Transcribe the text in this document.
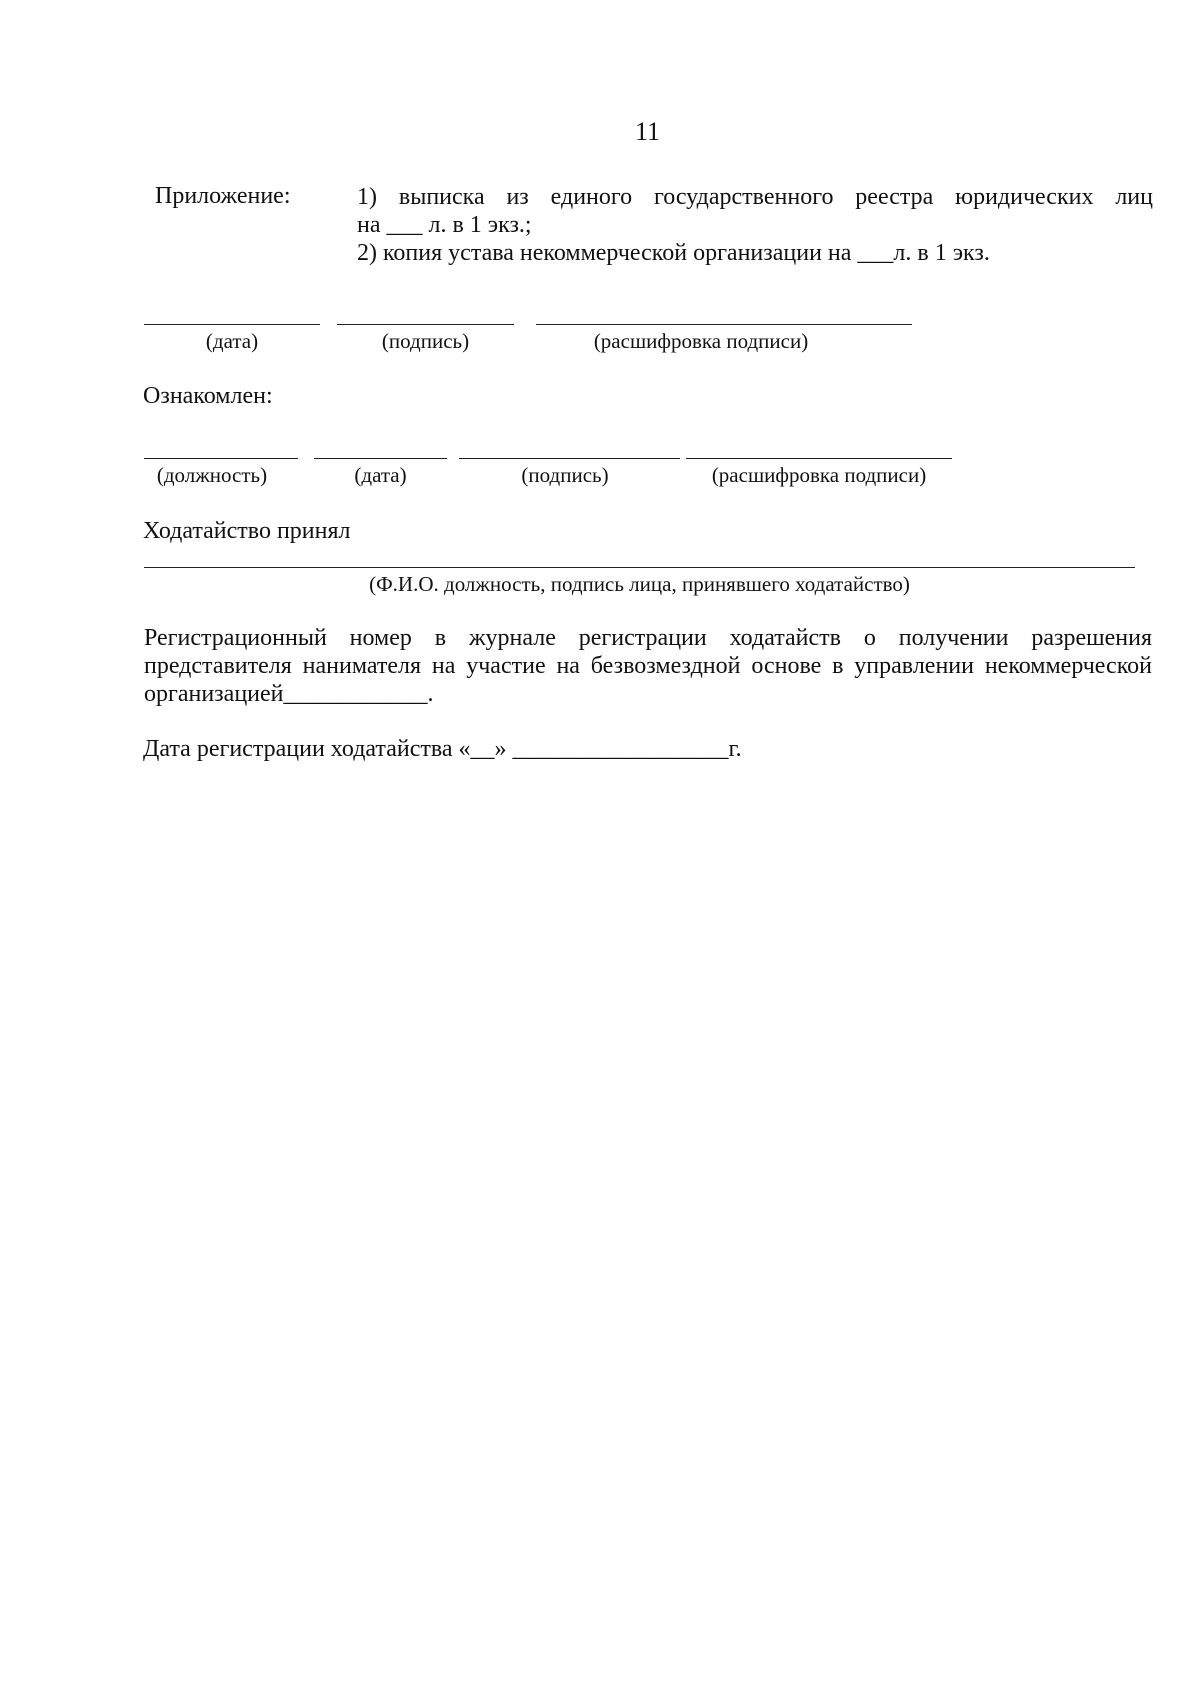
11
Приложение:	1) выписка из единого государственного реестра юридических лиц
на ___ л. в 1 экз.;
2) копия устава некоммерческой организации на ___л. в 1 экз.
(дата)	(подпись)	(расшифровка подписи)
Ознакомлен:
(должность)	(дата)	(подпись)	(расшифровка подписи)
Ходатайство принял
(Ф.И.О. должность, подпись лица, принявшего ходатайство)
Регистрационный номер в журнале регистрации ходатайств о получении разрешения
представителя нанимателя на участие на безвозмездной основе в управлении некоммерческой
организацией____________.
Дата регистрации ходатайства «__» __________________г.
